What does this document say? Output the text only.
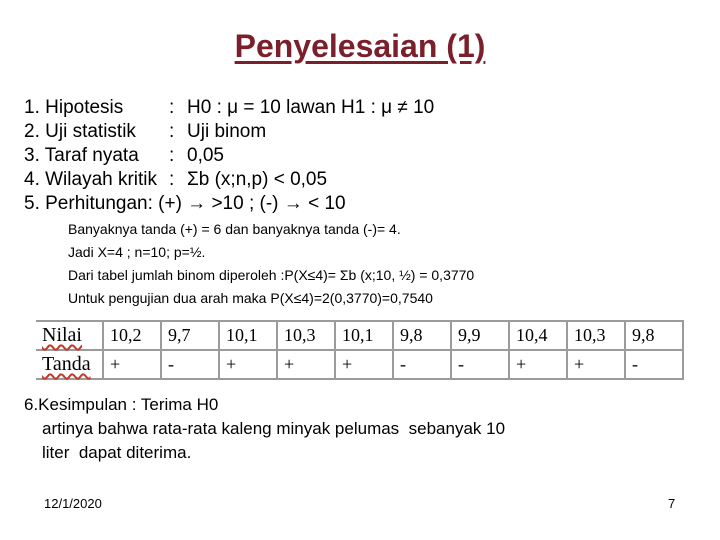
Penyelesaian (1)
1. Hipotesis : H0 : μ = 10 lawan H1 : μ ≠ 10
2. Uji statistik : Uji binom
3. Taraf nyata : 0,05
4. Wilayah kritik : Σb (x;n,p) < 0,05
5. Perhitungan: (+) → >10 ; (-) → < 10
Banyaknya tanda (+) = 6 dan banyaknya tanda (-)= 4.
Jadi X=4 ; n=10; p=½.
Dari tabel jumlah binom diperoleh :P(X≤4)= Σb (x;10, ½) = 0,3770
Untuk pengujian dua arah maka P(X≤4)=2(0,3770)=0,7540
Nilai	10,2	9,7	10,1	10,3	10,1	9,8	9,9	10,4	10,3	9,8
Tanda	+	-	+	+	+	-	-	+	+	-
6.Kesimpulan : Terima H0
artinya bahwa rata-rata kaleng minyak pelumas  sebanyak 10
liter  dapat diterima.
12/1/2020	7
